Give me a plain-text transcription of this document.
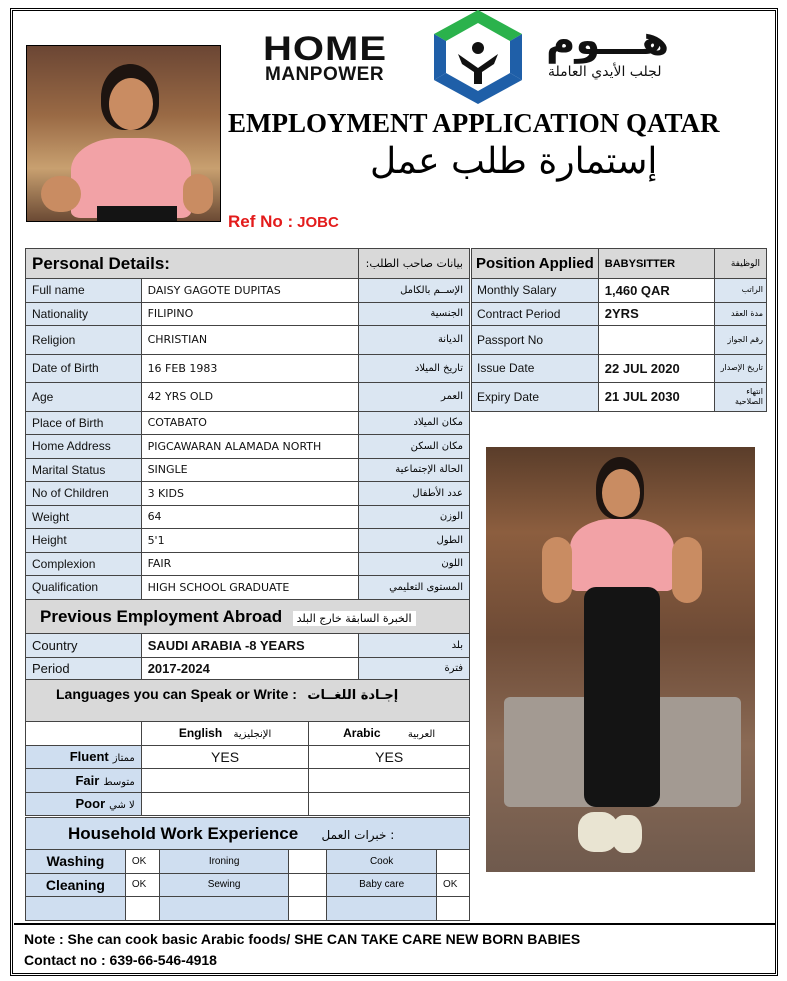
HOME
MANPOWER
هـــوم
لجلب الأيدي العاملة
EMPLOYMENT APPLICATION QATAR
إستمارة طلب عمل
Ref No : JOBC
Personal Details:		بيانات صاحب الطلب:
Full name	DAISY GAGOTE DUPITAS	الإســم بالكامل
Nationality	FILIPINO	الجنسية
Religion	CHRISTIAN	الديانة
Date of Birth	16 FEB 1983	تاريخ الميلاد
Age	42 YRS OLD	العمر
Place of Birth	COTABATO	مكان الميلاد
Home Address	PIGCAWARAN ALAMADA NORTH	مكان السكن
Marital Status	SINGLE	الحالة الإجتماعية
No of Children	3 KIDS	عدد الأطفال
Weight	64	الوزن
Height	5'1	الطول
Complexion	FAIR	اللون
Qualification	HIGH SCHOOL GRADUATE	المستوى التعليمي
Position Applied	BABYSITTER	الوظيفة
Monthly Salary	1,460 QAR	الراتب
Contract Period	2YRS	مدة العقد
Passport No		رقم الجواز
Issue Date	22 JUL 2020	تاريخ الإصدار
Expiry Date	21 JUL 2030	انتهاء الصلاحية
Previous Employment Abroad الخبرة السابقة خارج البلد		
Country	SAUDI ARABIA -8 YEARS	بلد
Period	2017-2024	فترة
Languages you can Speak or Write : إجـادة اللغــات		
	English الإنجليزية	Arabic العربية
Fluent ممتاز	YES	YES
Fair متوسط		
Poor لا شي		
Household Work Experience خبرات العمل :					
Washing	OK	Ironing		Cook	
Cleaning	OK	Sewing		Baby care	OK

Note : She can cook basic Arabic foods/ SHE CAN TAKE CARE NEW BORN BABIES
Contact no : 639-66-546-4918
